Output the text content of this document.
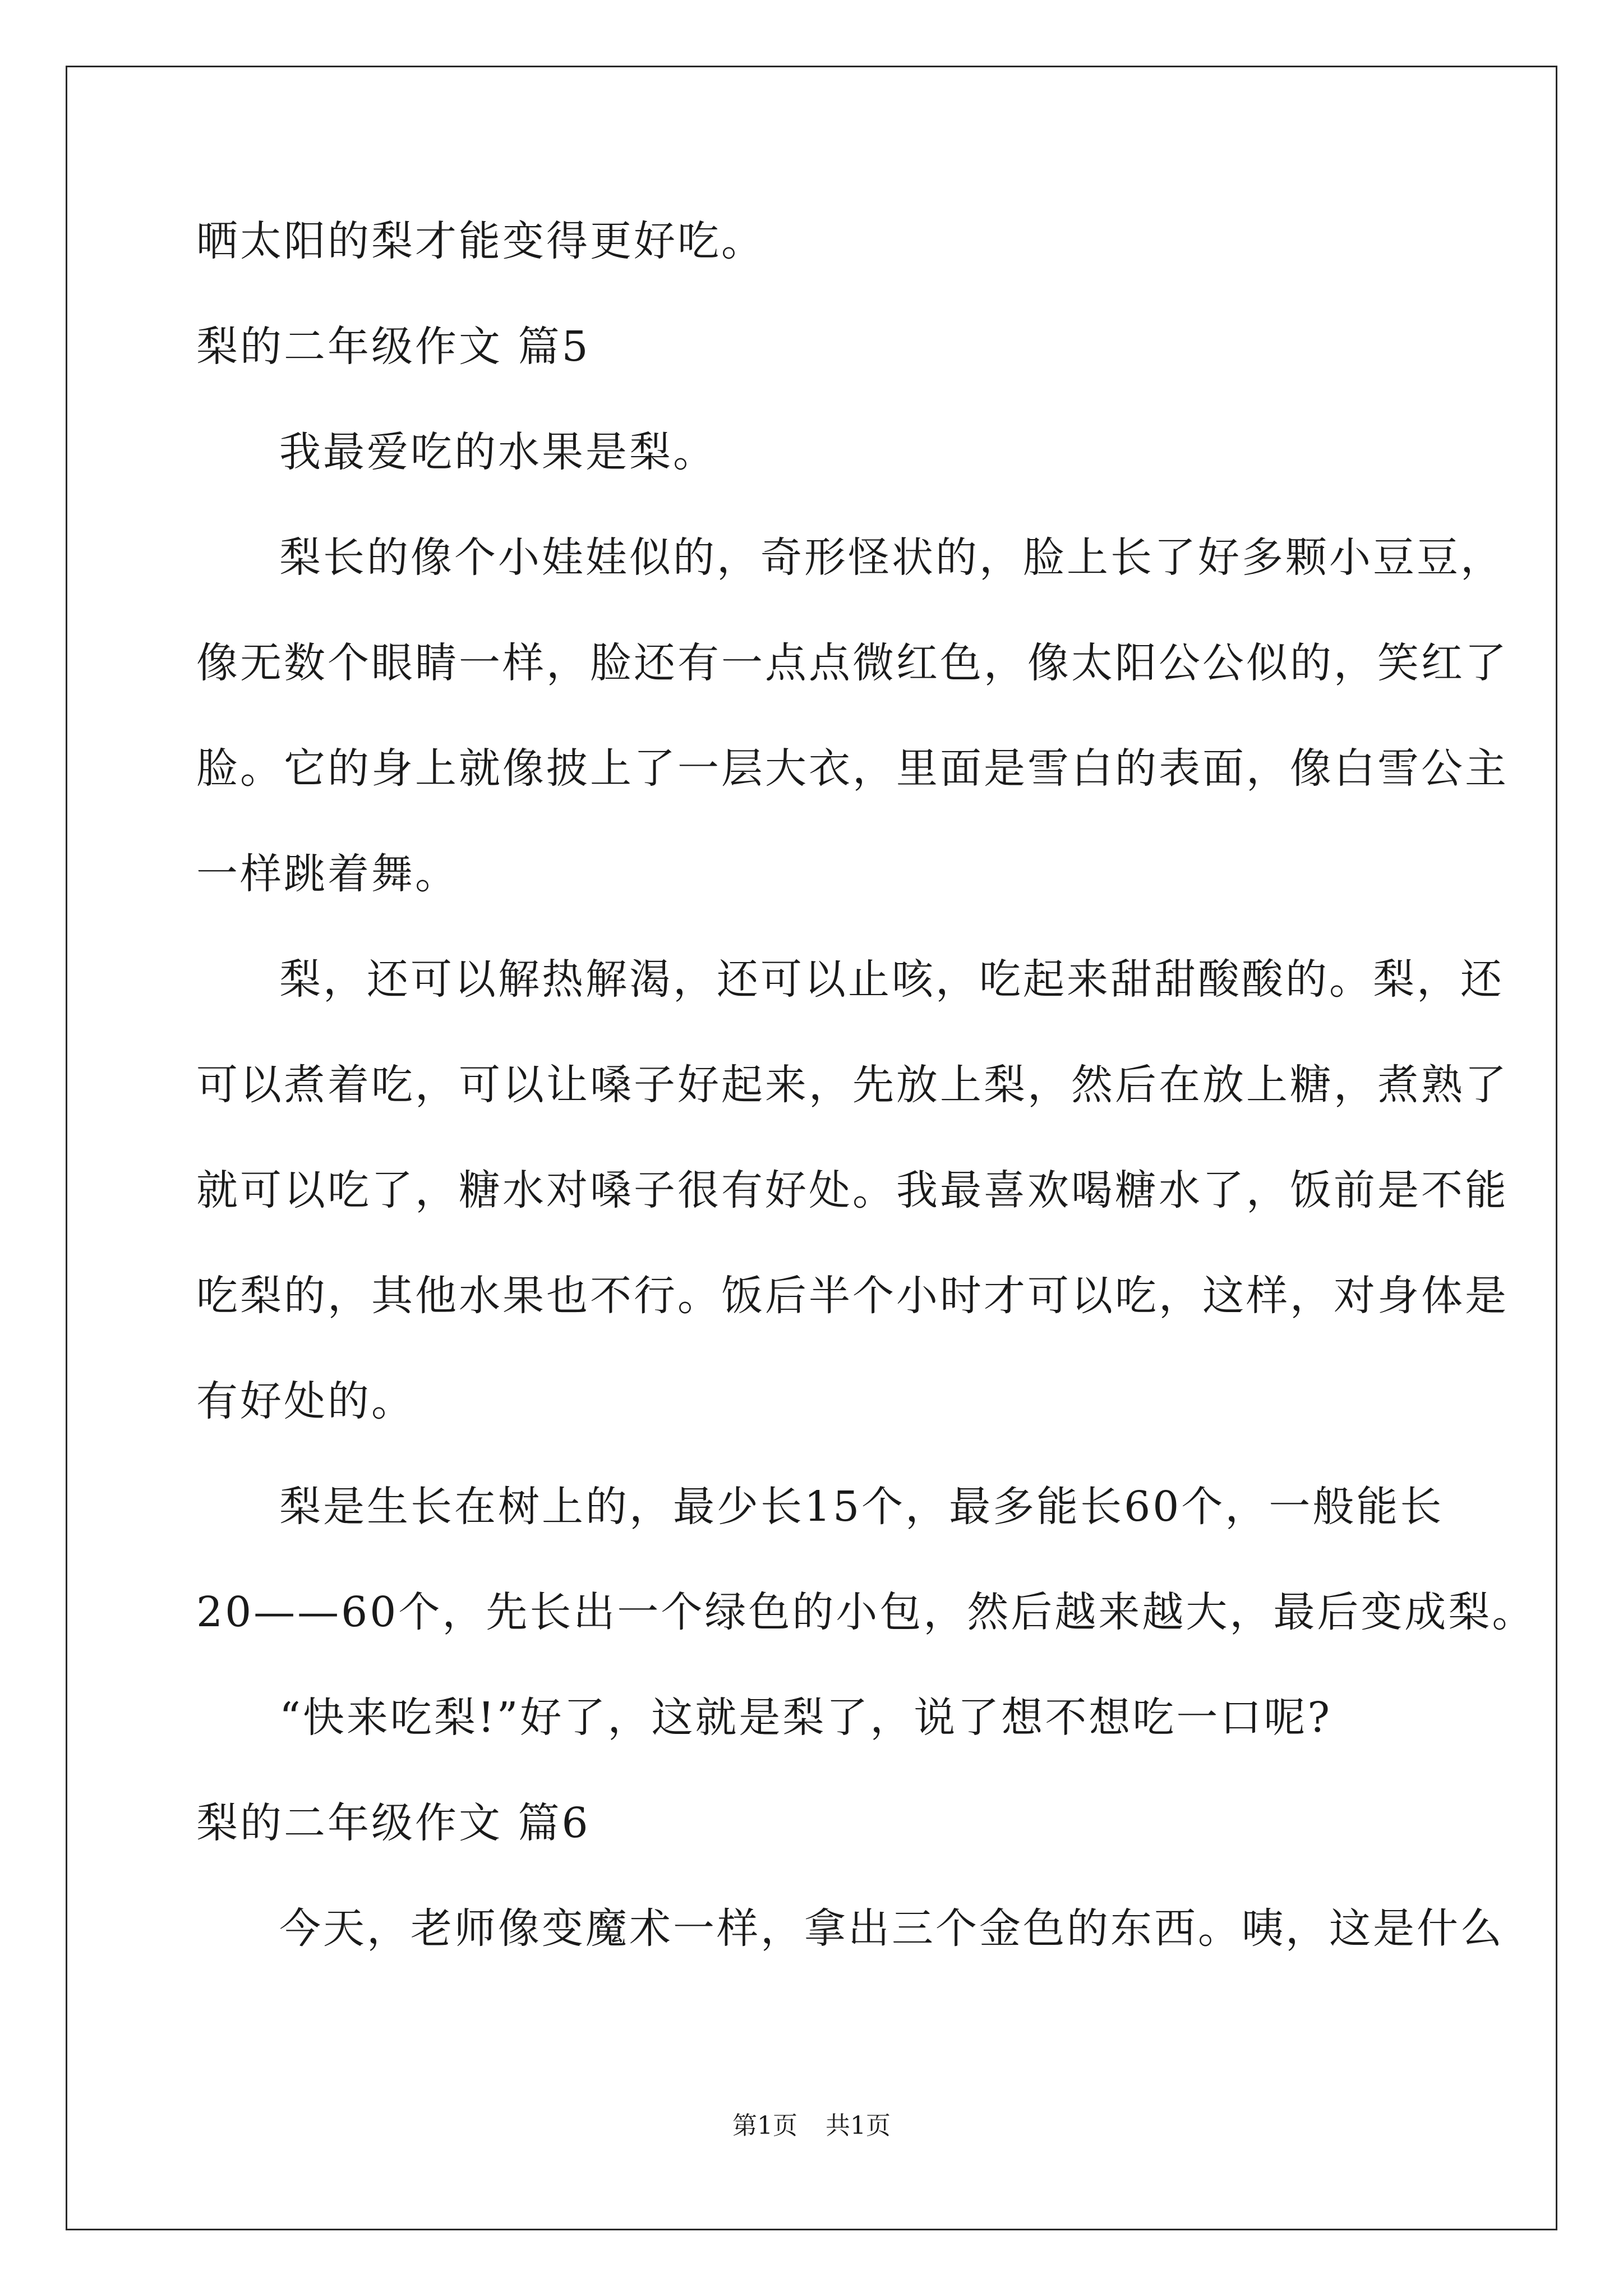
晒太阳的梨才能变得更好吃。
梨的二年级作文 篇5
我最爱吃的水果是梨。
梨长的像个小娃娃似的，奇形怪状的，脸上长了好多颗小豆豆，
像无数个眼睛一样，脸还有一点点微红色，像太阳公公似的，笑红了
脸。它的身上就像披上了一层大衣，里面是雪白的表面，像白雪公主
一样跳着舞。
梨，还可以解热解渴，还可以止咳，吃起来甜甜酸酸的。梨，还
可以煮着吃，可以让嗓子好起来，先放上梨，然后在放上糖，煮熟了
就可以吃了，糖水对嗓子很有好处。我最喜欢喝糖水了，饭前是不能
吃梨的，其他水果也不行。饭后半个小时才可以吃，这样，对身体是
有好处的。
梨是生长在树上的，最少长15个，最多能长60个，一般能长
20——60个，先长出一个绿色的小包，然后越来越大，最后变成梨。
“快来吃梨!”好了，这就是梨了，说了想不想吃一口呢?
梨的二年级作文 篇6
今天，老师像变魔术一样，拿出三个金色的东西。咦，这是什么
第1页 共1页
